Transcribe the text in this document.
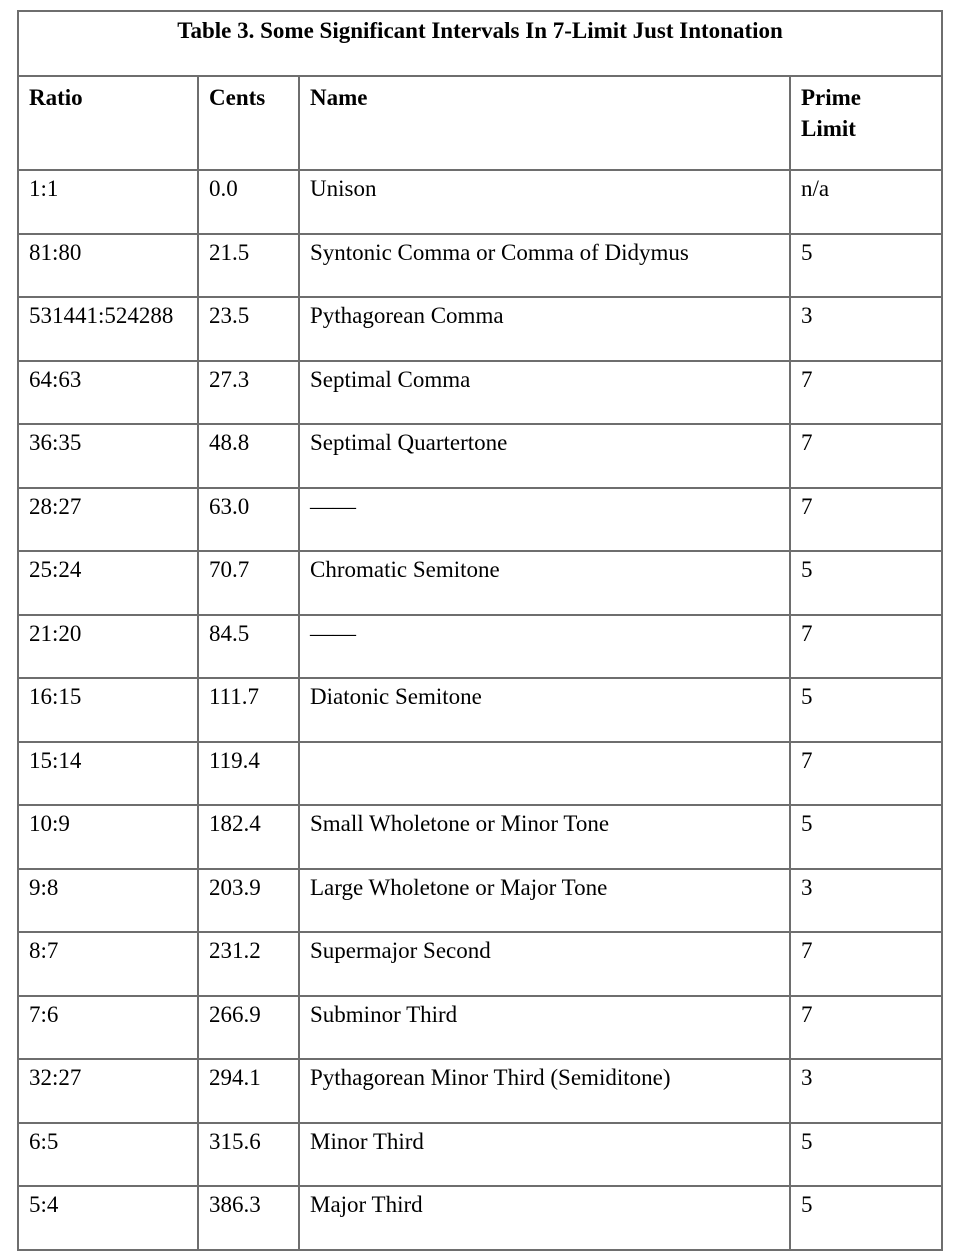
Table 3. Some Significant Intervals In 7-Limit Just Intonation			

Ratio	Cents	Name	Prime
Limit

1:1	0.0	Unison	n/a

81:80	21.5	Syntonic Comma or Comma of Didymus	5

531441:524288	23.5	Pythagorean Comma	3

64:63	27.3	Septimal Comma	7

36:35	48.8	Septimal Quartertone	7

28:27	63.0	——	7

25:24	70.7	Chromatic Semitone	5

21:20	84.5	——	7

16:15	111.7	Diatonic Semitone	5

15:14	119.4		7

10:9	182.4	Small Wholetone or Minor Tone	5

9:8	203.9	Large Wholetone or Major Tone	3

8:7	231.2	Supermajor Second	7

7:6	266.9	Subminor Third	7

32:27	294.1	Pythagorean Minor Third (Semiditone)	3

6:5	315.6	Minor Third	5

5:4	386.3	Major Third	5
